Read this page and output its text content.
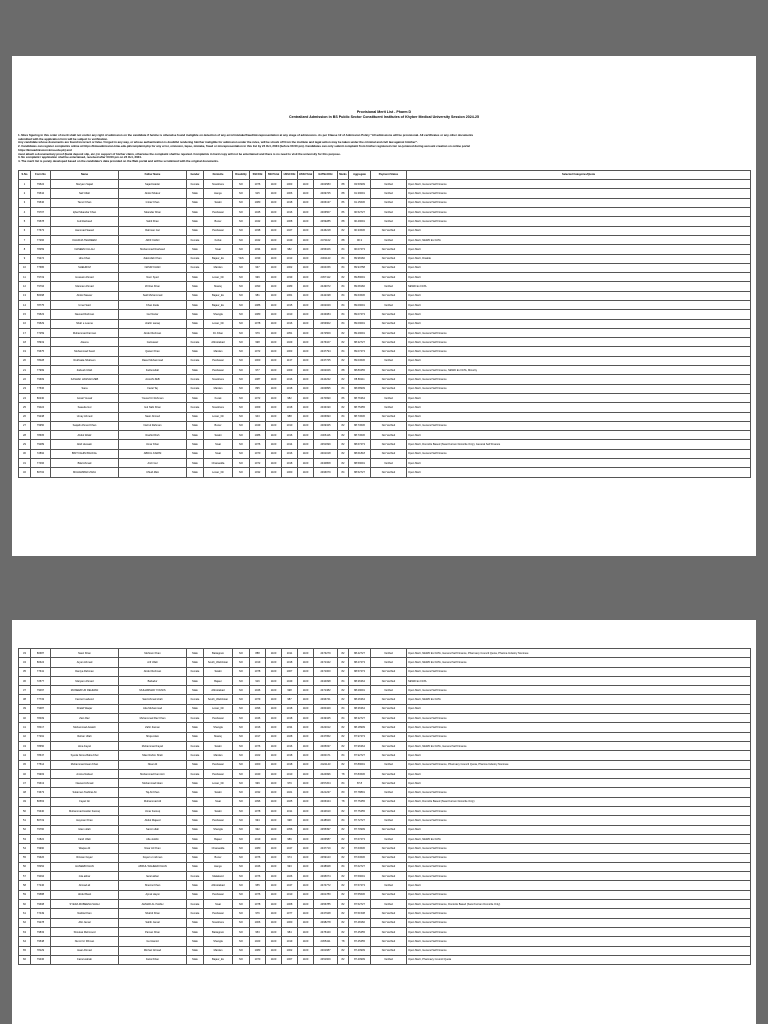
Provisional Merit List - Pharm D
Centralized Admission in BS Public Sector Constituent Institutes of Khyber Medical University Session 2024-25
1. More figuring in this order of merit shall not confer any right of admission on the candidate if he/she is otherwise found ineligible on detection of any error/mistake/fraud/misrepresentation at any stage of admissions. As per Clause 12 of Admission Policy "All admissions will be provisional. All certificates or any other documents
submitted with the application form will be subject to verification.
Any candidate whose documents are found incorrect or false / forged in any way, or whose authentication is doubtful rendering him/her ineligible for admission under the rules, will be struck off from the institute and legal action may be taken under the criminal and civil law against him/her".
2. Candidates can register complaints online at https://kmuadmission.kmu.edu.pk/complaint.php for any error, omission, lapse, mistake, fraud or misrepresentation in this list by 24 Oct, 2024 (before 03:00 pm). Candidates can only submit complaint from his/her registered cnic no.(entered during account creation on online portal
https://kmuadmission.kmu.edu.pk) and
must attach a documentary proof (bank deposit slip, etc.) in support of his/her claim, otherwise the complaint shall be rejected. Complaints in hard copy will not be entertained and there is no need to visit the university for this purpose.
3. No complaint / application shall be entertained, received after 03:00 pm on 24 Oct, 2024.
4. The merit list is purely developed based on the candidate's data provided on the Web portal and will be scrutinized with the original documents.
S.No	Form No	Name	Father Name	Gender	Domicile	Disability	SSCObt	SSCTotal	HSSCObt	HSSCTotal	EATBrdObt	Marks	Aggregate	Payment Status	Selected Categories/Quota
1	79524	Maryam Sajad	Sajad Haider	Female	Nowshera	NO	1076	1100	1003	1100	2462583	88	93.50909	Verified	Open Merit, General Self Finance
2	79544	Saif Ullah	Abdul Shakur	Male	Hangu	NO	915	1100	1006	1100	2469725	88	91.39091	Verified	Open Merit, General Self Finance
3	79546	Tanvir Khan	Imtiaz Khan	Male	Swabi	NO	1080	1100	1018	1100	2466137	86	91.15636	Verified	Open Merit, General Self Finance
4	79707	Iqbal Sikandar Khan	Sikandar Khan	Male	Peshawar	NO	1045	1100	1016	1100	2466507	86	90.52727	Verified	Open Merit, General Self Finance
5	79578	Gul Rasheed	Sahil Khan	Male	Buner	NO	1042	1100	1008	1100	2459285	88	90.49091	Verified	Open Merit, General Self Finance
6	77673	Hammad Saeed	Rahman Gul	Male	Peshawar	NO	1038	1100	1027	1100	2446218	82	90.33636	Not Verified	Open Merit
7	77266	KHADIJA TEHREEM	ARIF KHAN	Female	Kohat	NO	1042	1100	1049	1100	2471102	88	90.3	Verified	Open Merit, NEWD Ex FATA
8	78259	NASEEM ULLAH	Muhammad Rasheed	Male	Swat	NO	1034	1100	982	1100	2456106	84	90.07273	Not Verified	Open Merit
9	79274	Hira Khan	Zakirullah Khan	Female	Bajaur_Ex	YES	1039	1100	1013	1100	2461123	84	89.98182	Not Verified	Open Merit, Disable
10	77686	SHEHROZ	NASIR KHAN	Female	Mardan	NO	937	1100	1002	1100	2464156	84	89.94758	Not Verified	Open Merit
11	79719	Hussain Ahmad	Noor Syed	Male	Lower_Dir	NO	999	1100	1039	1100	2457112	82	89.89091	Not Verified	Open Merit
12	79794	Mannan Ahmad	Zil Rao Khan	Male	Mastuj	NO	1093	1100	1089	1100	2449072	84	89.68182	Verified	NEWD Ex FATA
13	80098	Abdul Naseer	Said Muhammad	Male	Bajaur_Ex	NO	981	1100	1061	1100	2442198	84	89.63636	Not Verified	Open Merit
14	78775	Umar Said	Khan Zada	Male	Bajaur_Ex	NO	1086	1100	1015	1100	2462029	84	89.09091	Verified	Open Merit
15	79523	Naveed Rahman	Gul Nazar	Male	Shangla	NO	1080	1100	1010	1100	2433084	84	89.07273	Not Verified	Open Merit
16	79529	Shah e Leeme	shahir sanaq	Male	Lower_Dir	NO	1078	1100	1016	1100	2453902	84	89.09091	Not Verified	Open Merit
17	77259	Muhammad Farman	Abdur Rehman	Male	D.I.Khan	NO	979	1100	1051	1100	2472509	82	89.29091	Not Verified	Open Merit, General Self Finance
18	78919	Aleena	Gulnawaz	Female	Abbottabad	NO	998	1100	1029	1100	2476107	82	88.32727	Not Verified	Open Merit, General Self Finance
19	79675	Muhammad Saud	Qaiser Khan	Male	Mardan	NO	1072	1100	1003	1100	2437794	84	89.07273	Not Verified	Open Merit, General Self Finance
20	78028	Rukhsala Shaheen	Rasul Muhammad	Female	Peshawar	NO	1000	1100	1137	1100	2437725	82	89.03636	Verified	Open Merit
21	77999	Zaheeb Ullah	Fazlunullah	Male	Peshawar	NO	977	1100	1009	1100	2462026	88	88.80455	Not Verified	Open Merit, General Self Finance, NEWD Ex FATA, Minority
22	79609	KASHAF HASSAN ZEB	AALAN ZEB	Female	Nowshera	NO	1087	1100	1016	1100	2444232	82	88.86111	Not Verified	Open Merit, General Self Finance
23	77536	Sana	Fazal Taj	Female	Mardan	NO	895	1100	1018	1100	2463895	84	88.68909	Not Verified	Open Merit, General Self Finance
24	80230	Ismail Yousaf	Yousaf Ur Rehman	Male	Kurak	NO	1072	1100	982	1100	2470990	86	88.76364	Verified	Open Merit
25	79024	Saeeda Gul	Gul Nabi Khan	Female	Nowshera	NO	1069	1100	1018	1100	2433190	82	88.75455	Verified	Open Merit
26	79238	Umay Ahmed	Nasir Ahmed	Male	Lower_Dir	NO	943	1100	988	1100	2466993	84	88.73636	Not Verified	Open Merit
27	79950	Saqaib Ahmed Khan	Nazrul Rahman	Male	Buner	NO	1049	1100	1010	1100	2469325	82	88.73636	Not Verified	Open Merit, General Self Finance
28	78605	Abdul Wakir	Rashid Rish	Male	Swabi	NO	1086	1100	1016	1100	2466116	82	88.73636	Not Verified	Open Merit
29	79289	Abid Hussain	Umar Khan	Male	Swat	NO	1076	1100	1014	1100	2451699	82	88.67273	Not Verified	Open Merit, Domicile Based (Swat Kurram Domicile Only), General Self Finance
30	72892	BINT FAHIM BAChAL	ABDUL KARIM	Male	Swat	NO	1070	1100	1016	1100	2461018	82	88.61818	Not Verified	Open Merit, General Self Finance
31	77466	Bilal Ahmad	Arsh Gul	Male	Charsadda	NO	1072	1100	1018	1100	2430808	82	88.59091	Verified	Open Merit
32	80702	MUHAMMAD ZAKA	USHA ZEA	Male	Lower_Dir	NO	1032	1100	1060	1100	2496079	84	88.52727	Not Verified	Open Merit
33	80687	Nasir Khan	Mehram Khan	Male	Battagram	NO	888	1100	1011	1100	2473279	82	88.42727	Verified	Open Merit, NEWD Ex FATA, General Self Finance, Pharmacy Council Quota, Pharma Industry Nominee
34	80624	Aryan Ahmad	Arif Ullah	Male	South_Waziristan	NO	1019	1100	1018	1100	2471342	82	88.27273	Verified	Open Merit, NEWD Ex FATA, General Self Finance
35	77641	Daniya Rehman	Abdur Rehman	Female	Swabi	NO	1078	1100	1007	1100	2471000	82	88.57273	Not Verified	Open Merit, General Self Finance
36	72577	Maryam Ahmad	Bahadur	Male	Bajaur	NO	916	1100	1049	1100	2434098	84	88.36364	Not Verified	NEWD Ex FATA
37	79097	MUNEEB UR REHMAN	MUHAMMAD YOUNIS	Male	Abbottabad	NO	1046	1100	998	1100	2471382	82	88.29091	Verified	Open Merit, General Self Finance
38	77733	Farzad ruabood	Said Ahmad shah	Female	South_Waziristan	NO	1079	1100	987	1100	2496741	82	88.26364	Not Verified	Open Merit, NEWD Ex FATA
39	79387	Khalid Waqar	Atta Muhammad	Male	Lower_Dir	NO	1096	1100	1018	1100	2460429	84	88.36364	Not Verified	Open Merit
40	78409	Zain Raz	Muhammad Raz Khan	Female	Peshawar	NO	1046	1100	1018	1100	2439345	84	88.32727	Not Verified	Open Merit, General Self Finance
41	78417	Muhammad Awaish	Zahir Zaman	Male	Shangla	NO	1016	1100	1034	1100	2422012	82	88.18909	Not Verified	Open Merit, General Self Finance
42	77291	Rehan Ullah	Shoja Alam	Male	Mastuj	NO	1017	1100	1028	1100	2437952	82	87.97273	Not Verified	Open Merit, General Self Finance
43	78650	Hina Fayaz	Muhammad Fayaz	Female	Swabi	NO	1076	1100	1016	1100	2465037	82	87.96364	Not Verified	Open Merit, NEWD Ex FATA, General Self Finance
44	78647	Syeda Noma Baba Khel	Mian Rahim Shah	Female	Mardan	NO	1022	1100	1018	1100	2460171	84	87.92727	Not Verified	Open Merit
45	77514	Muhammad Awan Khan	Nisar Ali	Male	Peshawar	NO	1000	1100	1018	1100	2421143	82	87.89091	Verified	Open Merit, General Self Finance, Pharmacy Council Quota, Pharma Industry Nominee
46	79903	Amina Nabeel	Muhammad Kamrozn	Female	Peshawar	NO	1040	1100	1010	1100	2424996	78	87.83636	Not Verified	Open Merit
47	79613	Naveed Ahmad	Muhammad Islam	Male	Lower_Dir	NO	999	1100	979	1100	2457204	84	87.8	Not Verified	Open Merit
48	73673	Sulaiman Tasbhat Ali	Taj Ali Khan	Male	Swabi	NO	1032	1100	1021	1100	2421237	80	87.78891	Verified	Open Merit, General Self Finance
49	80563	Fayaz Ali	Muhammad Ali	Male	Swat	NO	1096	1100	1025	1100	2466344	78	87.75455	Not Verified	Open Merit, Domicile Based (Swat Kurram Domicile Only)
50	79340	Muhammad Haider Farooq	Umar Farooq	Male	Swabi	NO	1078	1100	1011	1100	2434610	82	87.75455	Not Verified	Open Merit, General Self Finance
51	80719	Hayman Khan	Abdul Majeed	Male	Peshawar	NO	994	1100	998	1100	2448629	84	87.72727	Verified	Open Merit, General Self Finance
52	79760	Islam ullah	Samir ullah	Male	Shangla	NO	992	1100	1056	1100	2455397	82	87.70909	Not Verified	Open Merit
53	72822	Farid Ullah	Alla Jeddin	Male	Bajaur	NO	1019	1100	989	1100	2466587	82	87.67273	Verified	Open Merit, NEWD Ex FATA
54	79990	Waqas Ali	Nisar Ali Khan	Male	Charsadda	NO	1080	1100	1047	1100	2437719	82	87.63636	Not Verified	Open Merit, General Self Finance
55	79626	Rizwan Fayaz	Fayaz ur rahman	Male	Buner	NO	1076	1100	974	1100	2459123	82	87.63636	Not Verified	Open Merit, General Self Finance
56	78252	HASEEB KHAN	ABDUL WAHEED KHAN	Male	Hangu	NO	1046	1100	993	1100	2438928	84	87.62727	Not Verified	Open Merit, General Self Finance
57	79094	rida akbar	fazal akbar	Female	Malakand	NO	1076	1100	1026	1100	2495074	82	87.59091	Not Verified	Open Merit, General Self Finance
58	77246	Ahmad ali	Sherzai Khan	Male	Abbottabad	NO	955	1100	1047	1100	2474772	82	87.57273	Verified	Open Merit
59	79588	Abdul Basit	Ajmal Hayat	Male	Peshawar	NO	1076	1100	1010	1100	2461780	82	87.55636	Not Verified	Open Merit, General Self Finance
60	79608	SYEDA MUBEENA SHAH	AHMAD ALI SHAH	Female	Swat	NO	1078	1100	1008	1100	2456785	82	87.52727	Verified	Open Merit, General Self Finance, Domicile Based (Swat Kurram Domicile Only)
61	77449	Nabila Khan	Shahid Khan	Female	Peshawar	NO	976	1100	1077	1100	2437948	82	87.51538	Not Verified	Open Merit, General Self Finance
62	79278	Abit Jamal	Sahib Jamal	Male	Nowshera	NO	1006	1100	1060	1100	2498278	82	87.48182	Not Verified	Open Merit, General Self Finance
63	79833	Shoukat Mehmood	Paman Khan	Male	Battagram	NO	953	1100	984	1100	2475440	82	87.45455	Not Verified	Open Merit, General Self Finance
64	79548	Numir Ur Rhman	Gul Hamid	Male	Shangla	NO	1023	1100	1019	1100	2455411	78	87.45455	Not Verified	Open Merit, General Self Finance
65	78129	Haar Ahmad	Minhaz Ahmad	Male	Mardan	NO	1080	1100	1002	1100	2461687	82	87.40909	Not Verified	Open Merit, General Self Finance
66	79436	Fazal wahab	Fazal Khan	Male	Bajaur_Ex	NO	1070	1100	1007	1100	2451609	82	87.40909	Verified	Open Merit, Pharmacy Council Quota
